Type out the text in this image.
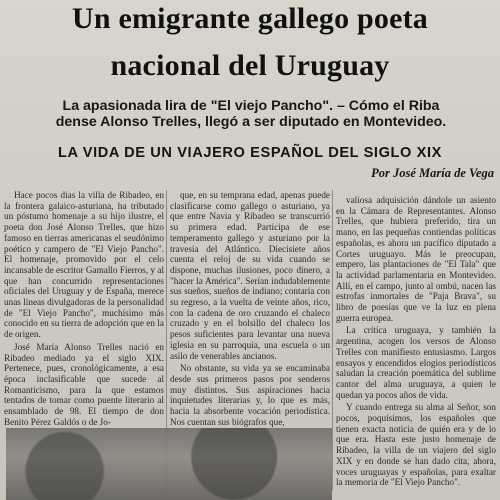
Un emigrante gallego poeta
nacional del Uruguay
La apasionada lira de "El viejo Pancho". – Cómo el Riba
dense Alonso Trelles, llegó a ser diputado en Montevideo.
LA VIDA DE UN VIAJERO ESPAÑOL DEL SIGLO XIX
Por José María de Vega

Hace pocos días la villa de Ribadeo, en la frontera galaico-asturiana, ha tributado un póstumo homenaje a su hijo ilustre, el poeta don José Alonso Trelles, que hizo famoso en tierras americanas el seudónimo poético y campero de "El Viejo Pancho". El homenaje, promovido por el celo incansable de escritor Gamallo Fierros, y al que han concurrido representaciones oficiales del Uruguay y de España, merece unas líneas divulgadoras de la personalidad de "El Viejo Pancho", muchísimo más conocido en su tierra de adopción que en la de origen.

José María Alonso Trelles nació en Ribadeo mediado ya el siglo XIX. Pertenece, pues, cronológicamente, a esa época inclasificable que sucede al Romanticismo, para la que estamos tentados de tomar como puente literario al ensamblado de 98. El tiempo de don Benito Pérez Galdós o de Jo-

que, en su temprana edad, apenas puede clasificarse como gallego o asturiano, ya que entre Navia y Ribadeo se transcurrió su primera edad. Participa de ese temperamento gallego y asturiano por la travesía del Atlántico. Diecisiete años cuenta el reloj de su vida cuando se dispone, muchas ilusiones, poco dinero, a "hacer la América". Serían indudablemente sus sueños, sueños de indiano; contaría con su regreso, a la vuelta de veinte años, rico, con la cadena de oro cruzando el chaleco cruzado y en el bolsillo del chaleco los pesos suficientes para levantar una nueva iglesia en su parroquia, una escuela o un asilo de venerables ancianos.

No obstante, su vida ya se encaminaba desde sus primeros pasos por senderos muy distintos. Sus aspiraciones hacia inquietudes literarias y, lo que es más, hacia la absorbente vocación periodística. Nos cuentan sus biógrafos que,

valiosa adquisición dándole un asiento en la Cámara de Representantes. Alonso Trelles, que hubiera preferido, tira un mano, en las pequeñas contiendas políticas españolas, es ahora un pacífico diputado a Cortes uruguayo. Más le preocupan, empero, las plantaciones de "El Tala" que la actividad parlamentaria en Montevideo. Allí, en el campo, junto al ombú, nacen las estrofas inmortales de "Paja Brava", su libro de poesías que ve la luz en plena guerra europea.

La crítica uruguaya, y también la argentina, acogen los versos de Alonso Trelles con manifiesto entusiasmo. Largos ensayos y encendidos elogios periodísticos saludan la creación poemática del sublime cantor del alma uruguaya, a quien le quedan ya pocos años de vida.

Y cuando entrega su alma al Señor, son pocos, poquísimos, los españoles que tienen exacta noticia de quién era y de lo que era. Hasta este justo homenaje de Ribadeo, la villa de un viajero del siglo XIX y en donde se han dado cita, ahora, voces uruguayas y españolas, para exaltar la memoria de "El Viejo Pancho".
